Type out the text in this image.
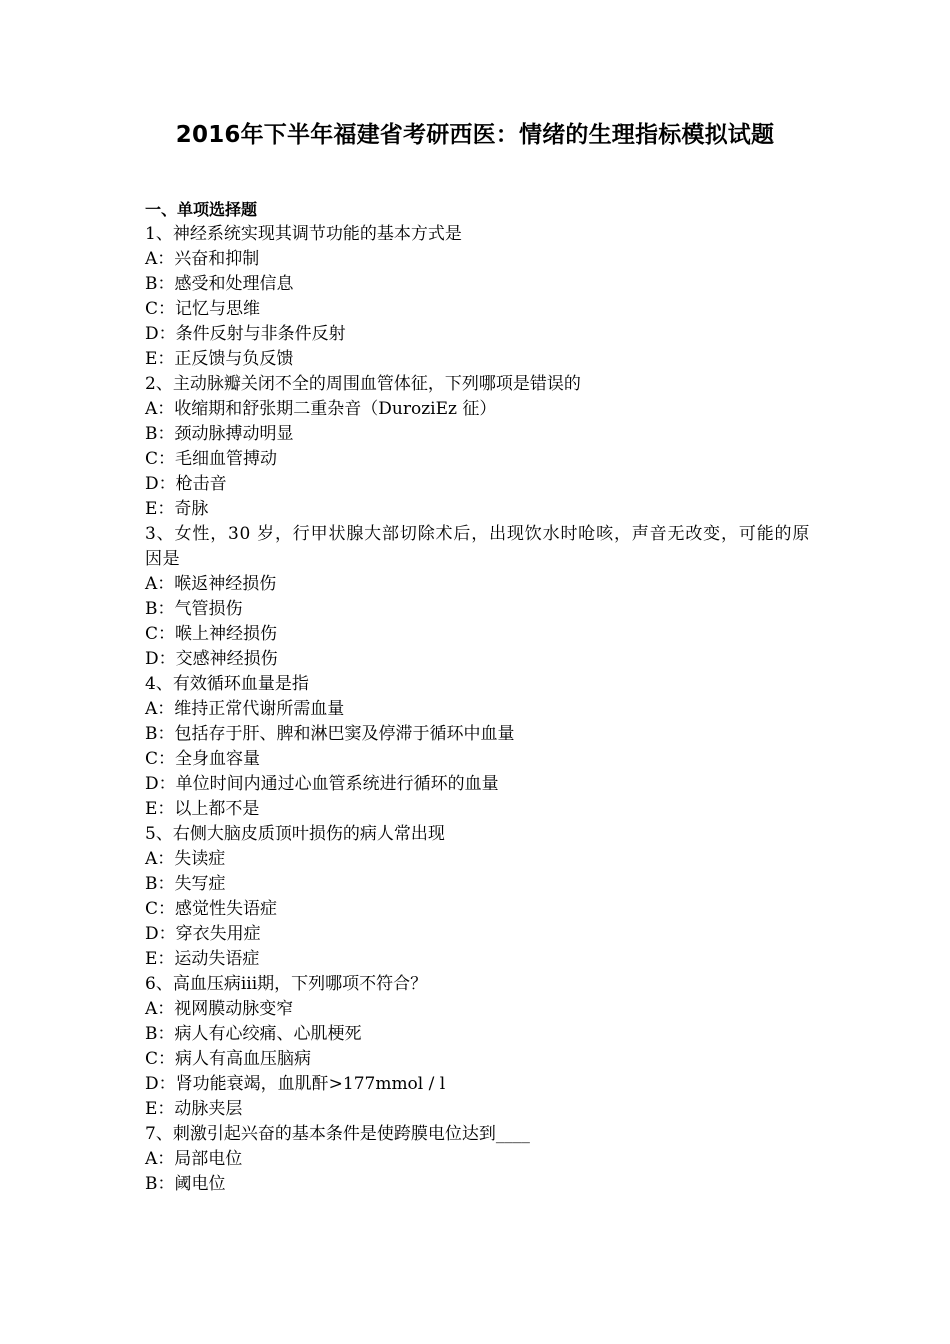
2016年下半年福建省考研西医：情绪的生理指标模拟试题
一、单项选择题
1、神经系统实现其调节功能的基本方式是
A：兴奋和抑制
B：感受和处理信息
C：记忆与思维
D：条件反射与非条件反射
E：正反馈与负反馈
2、主动脉瓣关闭不全的周围血管体征，下列哪项是错误的
A：收缩期和舒张期二重杂音（DuroziEz 征）
B：颈动脉搏动明显
C：毛细血管搏动
D：枪击音
E：奇脉
3、女性，30 岁，行甲状腺大部切除术后，出现饮水时呛咳，声音无改变，可能的原因是
A：喉返神经损伤
B：气管损伤
C：喉上神经损伤
D：交感神经损伤
4、有效循环血量是指
A：维持正常代谢所需血量
B：包括存于肝、脾和淋巴窦及停滞于循环中血量
C：全身血容量
D：单位时间内通过心血管系统进行循环的血量
E：以上都不是
5、右侧大脑皮质顶叶损伤的病人常出现
A：失读症
B：失写症
C：感觉性失语症
D：穿衣失用症
E：运动失语症
6、高血压病iii期，下列哪项不符合？
A：视网膜动脉变窄
B：病人有心绞痛、心肌梗死
C：病人有高血压脑病
D：肾功能衰竭，血肌酐>177mmol / l
E：动脉夹层
7、刺激引起兴奋的基本条件是使跨膜电位达到____
A：局部电位
B：阈电位
